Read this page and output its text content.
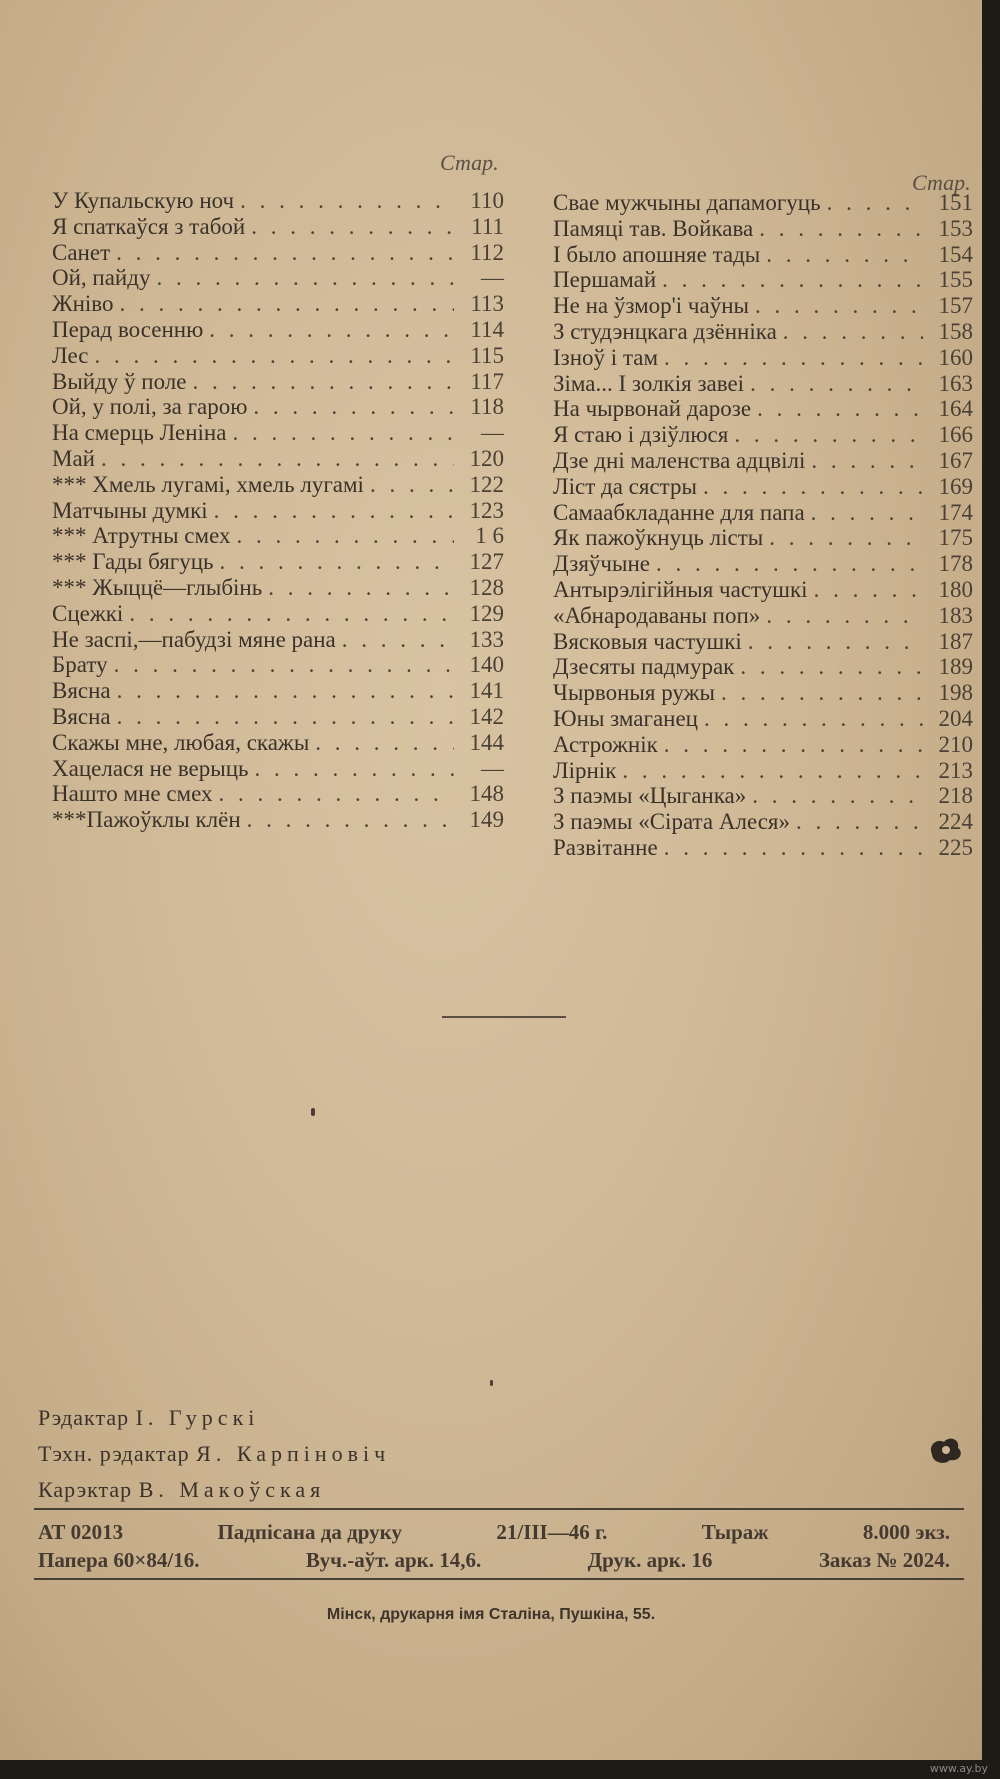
Стар.
Стар.
У Купальскую ноч . . .	110
Я спаткаўся з табой . . .	111
Санет . . .	112
Ой, пайду . . .	—
Жніво . . .	113
Перад восенню . . .	114
Лес . . .	115
Выйду ў поле . . .	117
Ой, у полі, за гарою . . .	118
На смерць Леніна . . .	—
Май . . .	120
*** Хмель лугамі, хмель лугамі . . .	122
Матчыны думкі . . .	123
*** Атрутны смех . . .	1 6
*** Гады бягуць . . .	127
*** Жыццё—глыбінь . . .	128
Сцежкі . . .	129
Не заспі,—пабудзі мяне рана . . .	133
Брату . . .	140
Вясна . . .	141
Вясна . . .	142
Скажы мне, любая, скажы . . .	144
Хацелася не верыць . . .	—
Нашто мне смех . . .	148
***Пажоўклы клён . . .	149
Свае мужчыны дапамогуць . . .	151
Памяці тав. Войкава . . .	153
І было апошняе тады . . .	154
Першамай . . .	155
Не на ўзмор'і чаўны . . .	157
З студэнцкага дзённіка . . .	158
Ізноў і там . . .	160
Зіма... І золкія завеі . . .	163
На чырвонай дарозе . . .	164
Я стаю і дзіўлюся . . .	166
Дзе дні маленства адцвілі . . .	167
Ліст да сястры . . .	169
Самаабкладанне для папа . . .	174
Як пажоўкнуць лісты . . .	175
Дзяўчыне . . .	178
Антырэлігійныя частушкі . . .	180
«Абнародаваны поп» . . .	183
Вясковыя частушкі . . .	187
Дзесяты падмурак . . .	189
Чырвоныя ружы . . .	198
Юны змаганец . . .	204
Астрожнік . . .	210
Лірнік . . .	213
З паэмы «Цыганка» . . .	218
З паэмы «Сірата Алеся» . . .	224
Развітанне . . .	225
Рэдактар І. Гурскі
Тэхн. рэдактар Я. Карпіновіч
Карэктар В. Макоўская
АТ 02013	Падпісана да друку	21/III—46 г.	Тыраж	8.000 экз.
Папера 60×84/16.	Вуч.-аўт. арк. 14,6.	Друк. арк. 16	Заказ № 2024.
Мінск, друкарня імя Сталіна, Пушкіна, 55.
www.ay.by
